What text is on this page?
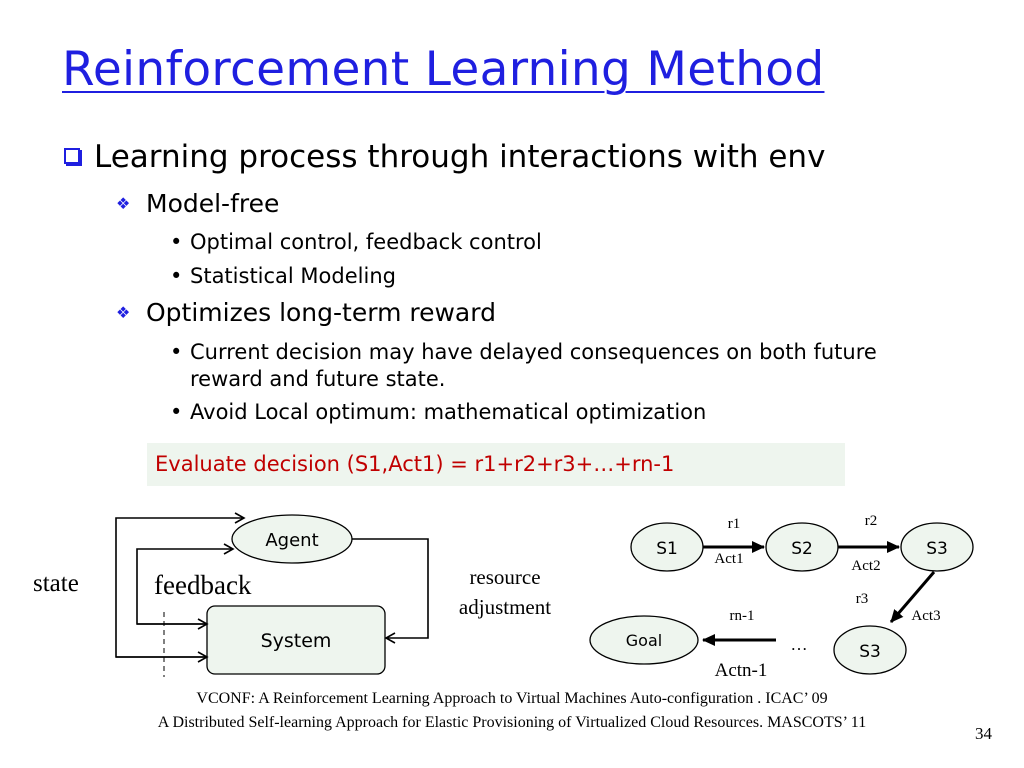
Reinforcement Learning Method
Learning process through interactions with env
❖ Model-free
• Optimal control, feedback control
• Statistical Modeling
❖ Optimizes long-term reward
• Current decision may have delayed consequences on both future
reward and future state.
• Avoid Local optimum: mathematical optimization
Evaluate decision (S1,Act1) = r1+r2+r3+…+rn-1
Agent
System
state	feedback	resource
adjustment
S1	S2	S3
S3
Goal
r1
Act1
r2
Act2
r3
Act3
rn-1
…
Actn-1
VCONF: A Reinforcement Learning Approach to Virtual Machines Auto-configuration . ICAC’ 09
A Distributed Self-learning Approach for Elastic Provisioning of Virtualized Cloud Resources. MASCOTS’ 11
34
